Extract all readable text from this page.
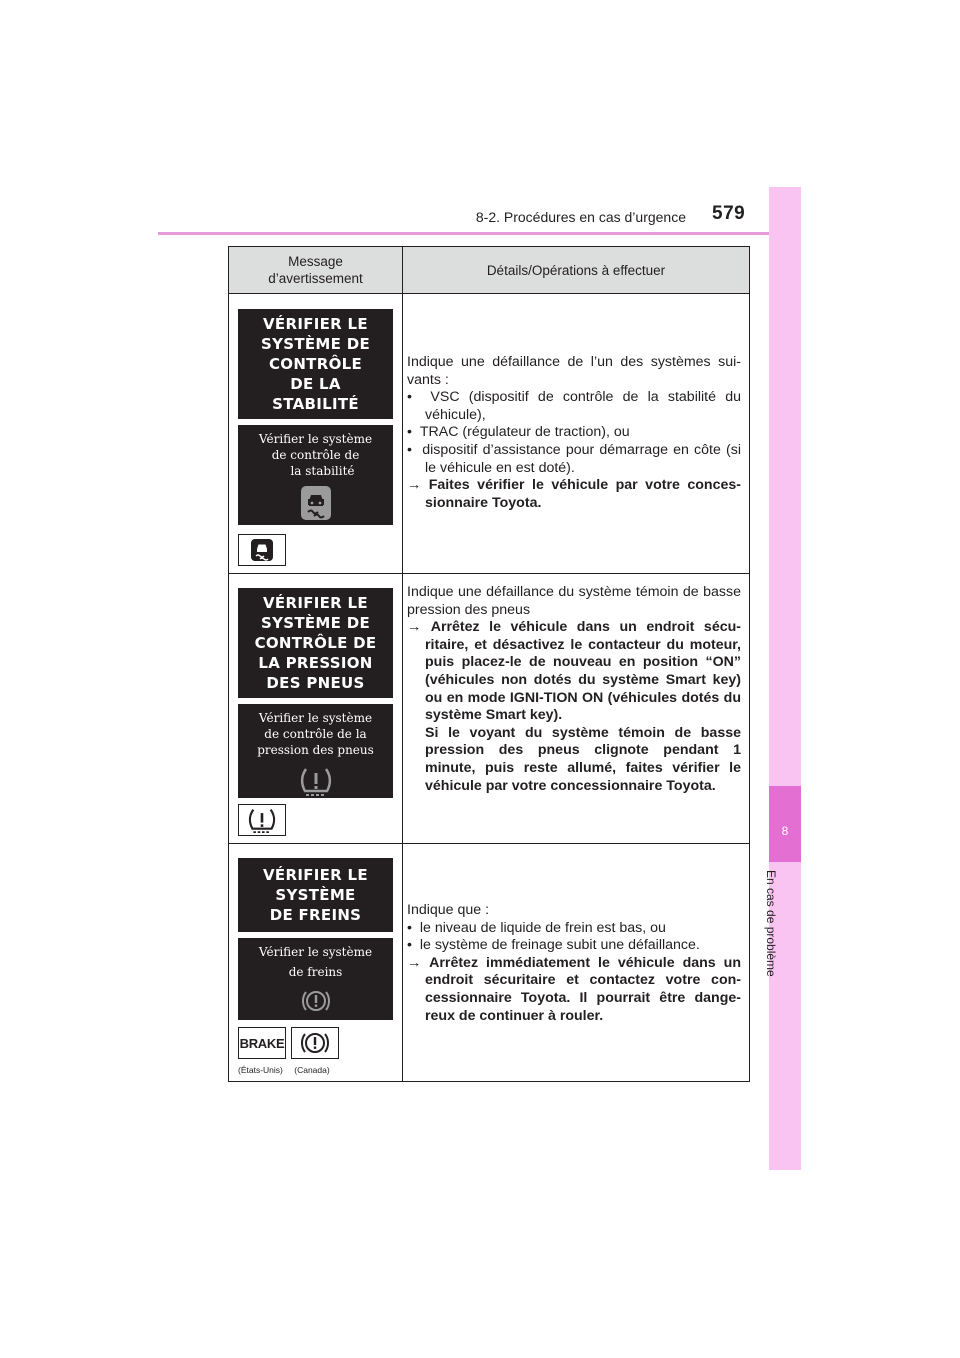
8-2. Procédures en cas d’urgence 579
8
En cas de problème
Message
d’avertissement
Détails/Opérations à effectuer
VÉRIFIER LE
SYSTÈME DE
CONTRÔLE
DE LA
STABILITÉ
Vérifier le système
de contrôle de
la stabilité

Indique une défaillance de l’un des systèmes sui-vants :

•  VSC (dispositif de contrôle de la stabilité du véhicule),

•  TRAC (régulateur de traction), ou

•  dispositif d’assistance pour démarrage en côte (si le véhicule en est doté).

→ Faites vérifier le véhicule par votre conces-sionnaire Toyota.

VÉRIFIER LE
SYSTÈME DE
CONTRÔLE DE
LA PRESSION
DES PNEUS
Vérifier le système
de contrôle de la
pression des pneus

Indique une défaillance du système témoin de basse pression des pneus

→ Arrêtez le véhicule dans un endroit sécu-ritaire, et désactivez le contacteur du moteur, puis placez-le de nouveau en position “ON” (véhicules non dotés du système Smart key) ou en mode IGNI-TION ON (véhicules dotés du système Smart key).

Si le voyant du système témoin de basse pression des pneus clignote pendant 1 minute, puis reste allumé, faites vérifier le véhicule par votre concessionnaire Toyota.

VÉRIFIER LE
SYSTÈME
DE FREINS
Vérifier le système
de freins
BRAKE
(États-Unis) (Canada)

Indique que :

•  le niveau de liquide de frein est bas, ou

•  le système de freinage subit une défaillance.

→ Arrêtez immédiatement le véhicule dans un endroit sécuritaire et contactez votre con-cessionnaire Toyota. Il pourrait être dange-reux de continuer à rouler.
